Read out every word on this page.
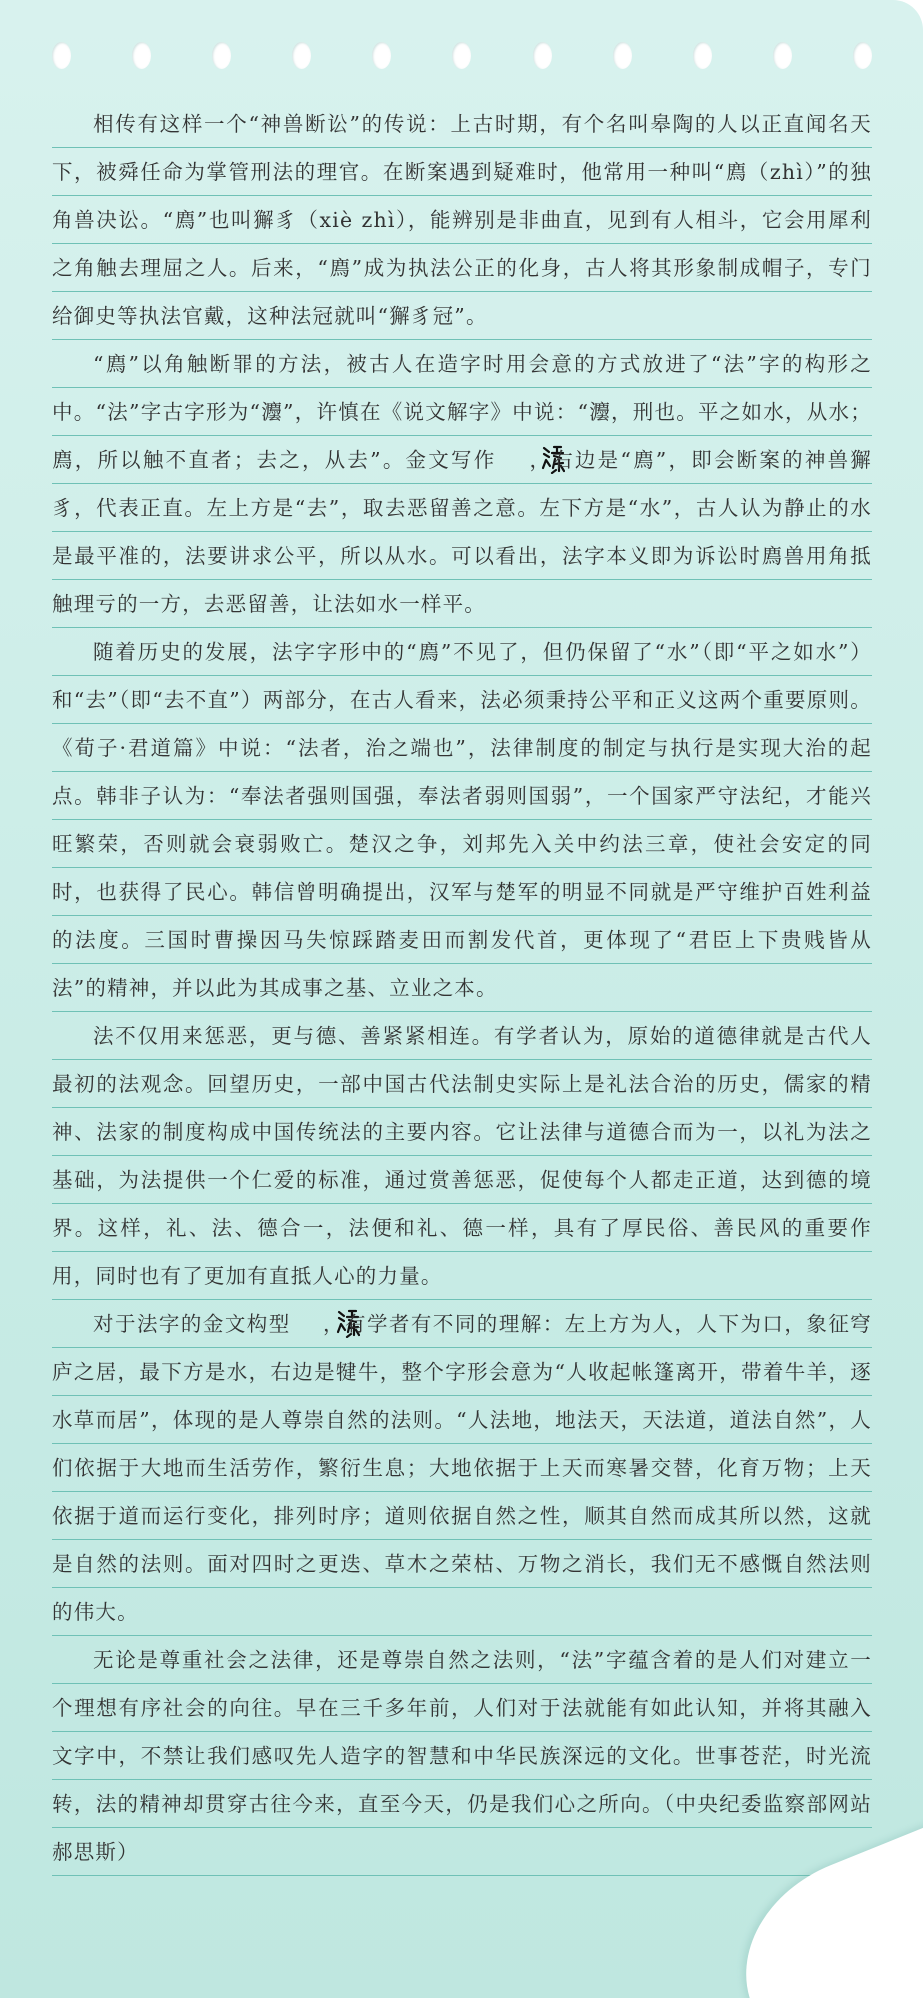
相传有这样一个“神兽断讼”的传说：上古时期，有个名叫皋陶的人以正直闻名天下，被舜任命为掌管刑法的理官。在断案遇到疑难时，他常用一种叫“廌（zhì）”的独角兽决讼。“廌”也叫獬豸（xiè zhì），能辨别是非曲直，见到有人相斗，它会用犀利之角触去理屈之人。后来，“廌”成为执法公正的化身，古人将其形象制成帽子，专门给御史等执法官戴，这种法冠就叫“獬豸冠”。

“廌”以角触断罪的方法，被古人在造字时用会意的方式放进了“法”字的构形之中。“法”字古字形为“灋”，许慎在《说文解字》中说：“灋，刑也。平之如水，从水；廌，所以触不直者；去之，从去”。金文写作 ，右边是“廌”，即会断案的神兽獬豸，代表正直。左上方是“去”，取去恶留善之意。左下方是“水”，古人认为静止的水是最平准的，法要讲求公平，所以从水。可以看出，法字本义即为诉讼时廌兽用角抵触理亏的一方，去恶留善，让法如水一样平。

随着历史的发展，法字字形中的“廌”不见了，但仍保留了“水”（即“平之如水”）和“去”（即“去不直”）两部分，在古人看来，法必须秉持公平和正义这两个重要原则。《荀子·君道篇》中说：“法者，治之端也”，法律制度的制定与执行是实现大治的起点。韩非子认为：“奉法者强则国强，奉法者弱则国弱”，一个国家严守法纪，才能兴旺繁荣，否则就会衰弱败亡。楚汉之争，刘邦先入关中约法三章，使社会安定的同时，也获得了民心。韩信曾明确提出，汉军与楚军的明显不同就是严守维护百姓利益的法度。三国时曹操因马失惊踩踏麦田而割发代首，更体现了“君臣上下贵贱皆从法”的精神，并以此为其成事之基、立业之本。

法不仅用来惩恶，更与德、善紧紧相连。有学者认为，原始的道德律就是古代人最初的法观念。回望历史，一部中国古代法制史实际上是礼法合治的历史，儒家的精神、法家的制度构成中国传统法的主要内容。它让法律与道德合而为一，以礼为法之基础，为法提供一个仁爱的标准，通过赏善惩恶，促使每个人都走正道，达到德的境界。这样，礼、法、德合一，法便和礼、德一样，具有了厚民俗、善民风的重要作用，同时也有了更加有直抵人心的力量。

对于法字的金文构型 ，有学者有不同的理解：左上方为人，人下为口，象征穹庐之居，最下方是水，右边是犍牛，整个字形会意为“人收起帐篷离开，带着牛羊，逐水草而居”，体现的是人尊崇自然的法则。“人法地，地法天，天法道，道法自然”，人们依据于大地而生活劳作，繁衍生息；大地依据于上天而寒暑交替，化育万物；上天依据于道而运行变化，排列时序；道则依据自然之性，顺其自然而成其所以然，这就是自然的法则。面对四时之更迭、草木之荣枯、万物之消长，我们无不感慨自然法则的伟大。

无论是尊重社会之法律，还是尊崇自然之法则，“法”字蕴含着的是人们对建立一个理想有序社会的向往。早在三千多年前，人们对于法就能有如此认知，并将其融入文字中，不禁让我们感叹先人造字的智慧和中华民族深远的文化。世事苍茫，时光流转，法的精神却贯穿古往今来，直至今天，仍是我们心之所向。（中央纪委监察部网站 郝思斯）
